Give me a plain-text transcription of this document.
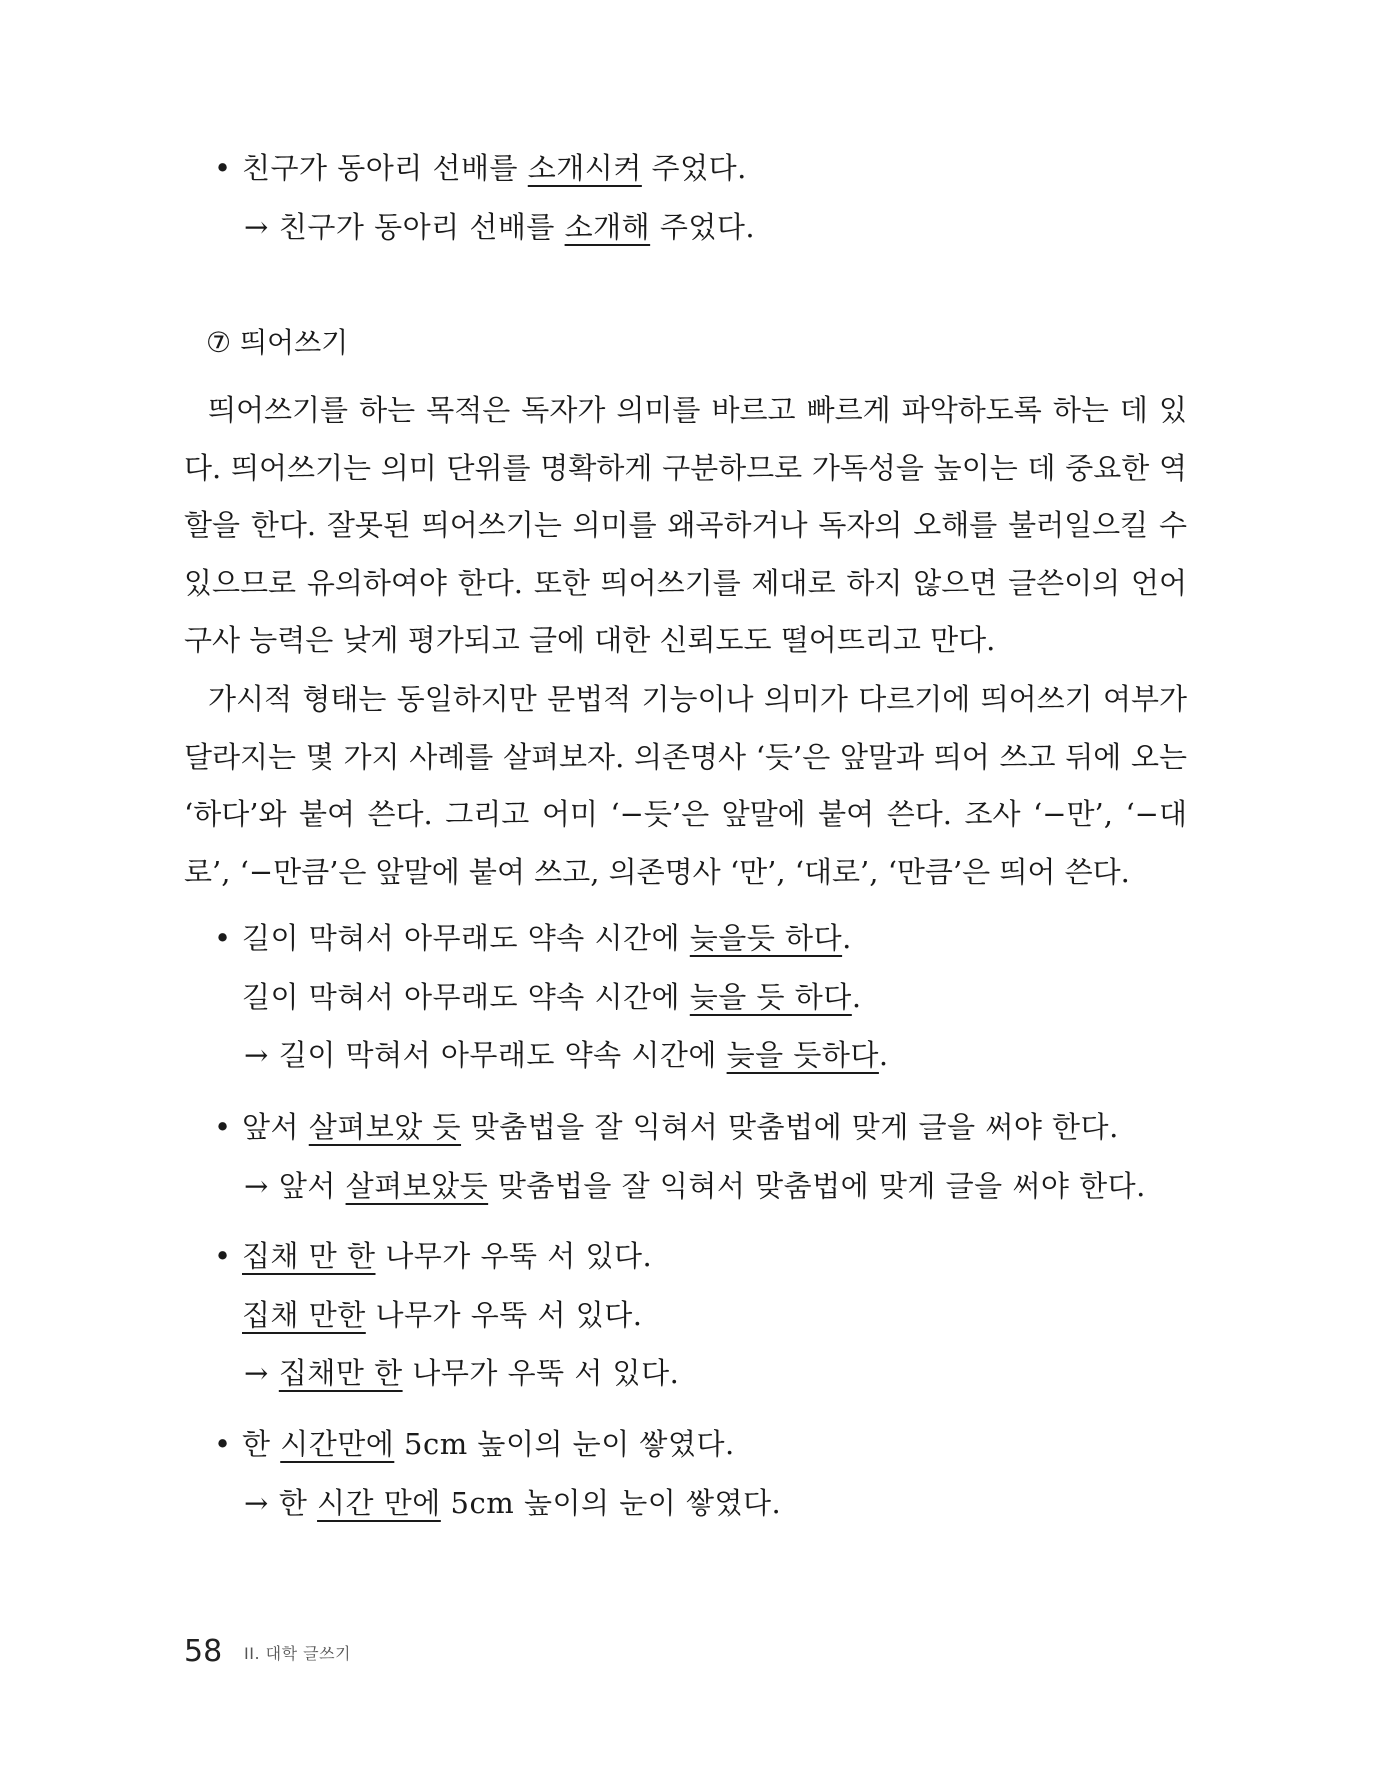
• 친구가 동아리 선배를 소개시켜 주었다.
→ 친구가 동아리 선배를 소개해 주었다.
⑦ 띄어쓰기

띄어쓰기를 하는 목적은 독자가 의미를 바르고 빠르게 파악하도록 하는 데 있다. 띄어쓰기는 의미 단위를 명확하게 구분하므로 가독성을 높이는 데 중요한 역할을 한다. 잘못된 띄어쓰기는 의미를 왜곡하거나 독자의 오해를 불러일으킬 수 있으므로 유의하여야 한다. 또한 띄어쓰기를 제대로 하지 않으면 글쓴이의 언어 구사 능력은 낮게 평가되고 글에 대한 신뢰도도 떨어뜨리고 만다.

가시적 형태는 동일하지만 문법적 기능이나 의미가 다르기에 띄어쓰기 여부가 달라지는 몇 가지 사례를 살펴보자. 의존명사 ‘듯’은 앞말과 띄어 쓰고 뒤에 오는 ‘하다’와 붙여 쓴다. 그리고 어미 ‘−듯’은 앞말에 붙여 쓴다. 조사 ‘−만’, ‘−대로’, ‘−만큼’은 앞말에 붙여 쓰고, 의존명사 ‘만’, ‘대로’, ‘만큼’은 띄어 쓴다.

• 길이 막혀서 아무래도 약속 시간에 늦을듯 하다.
길이 막혀서 아무래도 약속 시간에 늦을 듯 하다.
→ 길이 막혀서 아무래도 약속 시간에 늦을 듯하다.
• 앞서 살펴보았 듯 맞춤법을 잘 익혀서 맞춤법에 맞게 글을 써야 한다.
→ 앞서 살펴보았듯 맞춤법을 잘 익혀서 맞춤법에 맞게 글을 써야 한다.
• 집채 만 한 나무가 우뚝 서 있다.
집채 만한 나무가 우뚝 서 있다.
→ 집채만 한 나무가 우뚝 서 있다.
• 한 시간만에 5cm 높이의 눈이 쌓였다.
→ 한 시간 만에 5cm 높이의 눈이 쌓였다.
58 II. 대학 글쓰기
